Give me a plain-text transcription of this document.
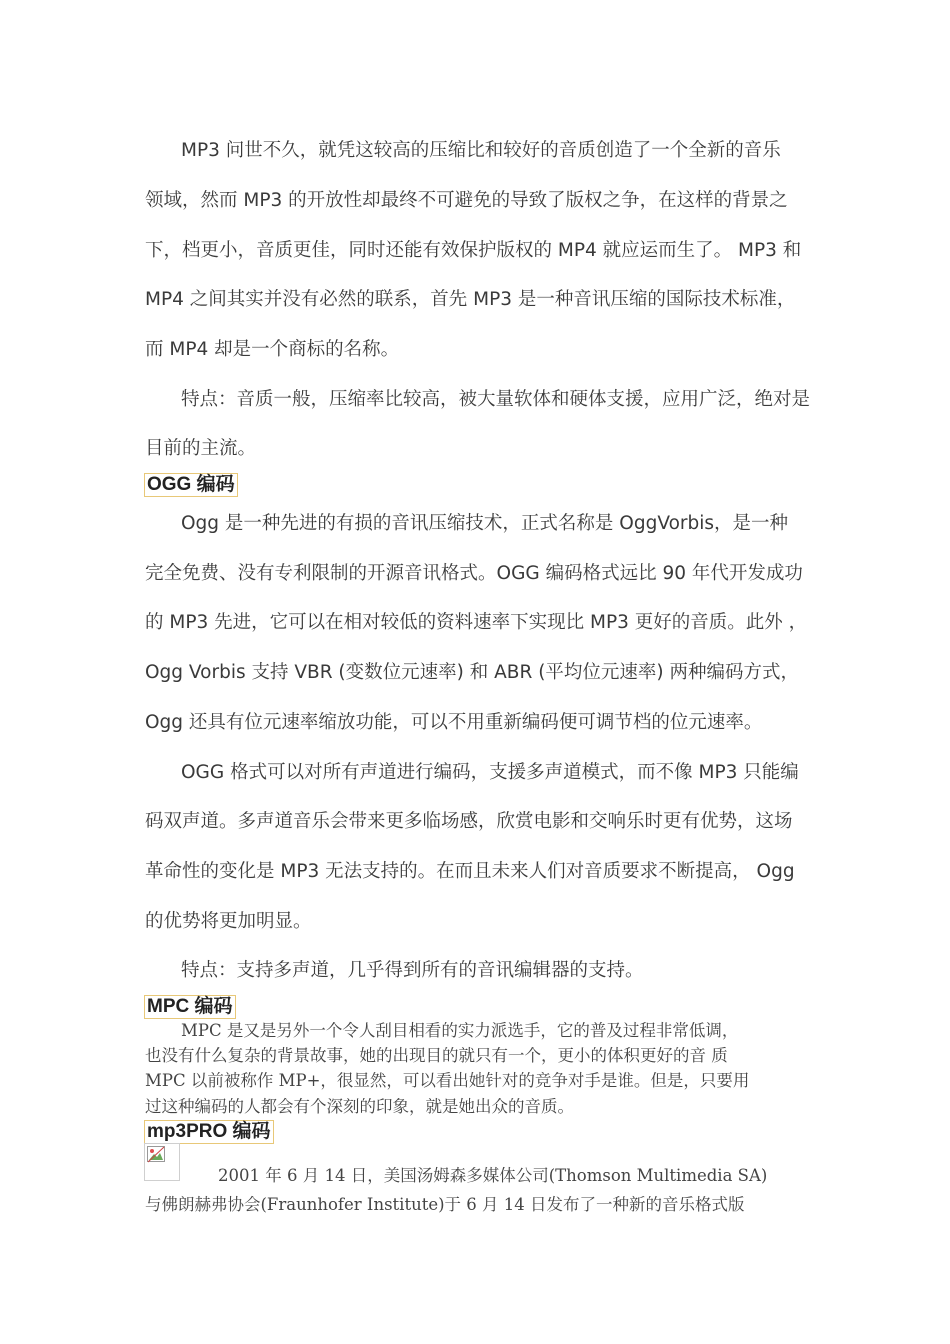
MP3 问世不久，就凭这较高的压缩比和较好的音质创造了一个全新的音乐
领域，然而 MP3 的开放性却最终不可避免的导致了版权之争，在这样的背景之
下，档更小，音质更佳，同时还能有效保护版权的 MP4 就应运而生了。 MP3 和
MP4 之间其实并没有必然的联系，首先 MP3 是一种音讯压缩的国际技术标准，
而 MP4 却是一个商标的名称。
特点：音质一般，压缩率比较高，被大量软体和硬体支援，应用广泛，绝对是
目前的主流。
OGG 编码
Ogg 是一种先进的有损的音讯压缩技术，正式名称是 OggVorbis，是一种
完全免费、没有专利限制的开源音讯格式。OGG 编码格式远比 90 年代开发成功
的 MP3 先进，它可以在相对较低的资料速率下实现比 MP3 更好的音质。此外 ，
Ogg Vorbis 支持 VBR (变数位元速率) 和 ABR (平均位元速率) 两种编码方式，
Ogg 还具有位元速率缩放功能，可以不用重新编码便可调节档的位元速率。
OGG 格式可以对所有声道进行编码，支援多声道模式，而不像 MP3 只能编
码双声道。多声道音乐会带来更多临场感，欣赏电影和交响乐时更有优势，这场
革命性的变化是 MP3 无法支持的。在而且未来人们对音质要求不断提高， Ogg
的优势将更加明显。
特点：支持多声道，几乎得到所有的音讯编辑器的支持。
MPC 编码
MPC 是又是另外一个令人刮目相看的实力派选手，它的普及过程非常低调，
也没有什么复杂的背景故事，她的出现目的就只有一个，更小的体积更好的音 质
MPC 以前被称作 MP+，很显然，可以看出她针对的竞争对手是谁。但是，只要用
过这种编码的人都会有个深刻的印象，就是她出众的音质。
mp3PRO 编码
2001 年 6 月 14 日，美国汤姆森多媒体公司(Thomson Multimedia SA)
与佛朗赫弗协会(Fraunhofer Institute)于 6 月 14 日发布了一种新的音乐格式版
